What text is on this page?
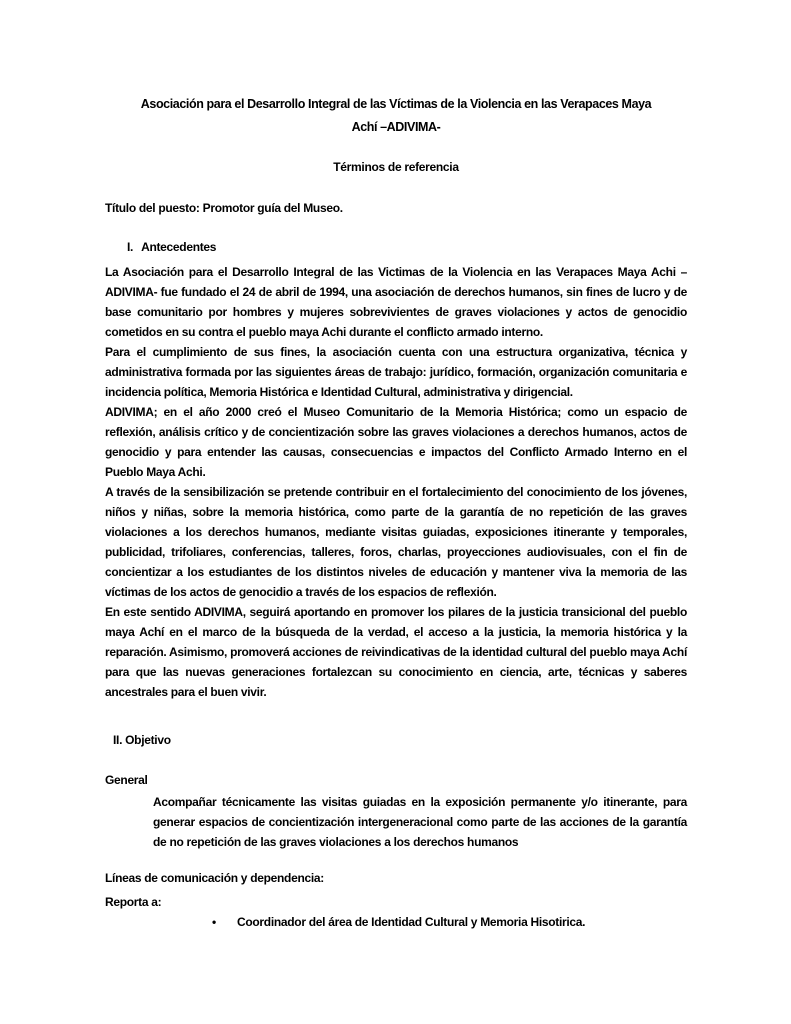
Asociación para el Desarrollo Integral de las Víctimas de la Violencia en las Verapaces Maya
Achí –ADIVIMA-
Términos de referencia
Título del puesto: Promotor guía del Museo.
I. Antecedentes

La Asociación para el Desarrollo Integral de las Victimas de la Violencia en las Verapaces Maya Achi – ADIVIMA- fue fundado el 24 de abril de 1994, una asociación de derechos humanos, sin fines de lucro y de base comunitario por hombres y mujeres sobrevivientes de graves violaciones y actos de genocidio cometidos en su contra el pueblo maya Achi durante el conflicto armado interno.

Para el cumplimiento de sus fines, la asociación cuenta con una estructura organizativa, técnica y administrativa formada por las siguientes áreas de trabajo: jurídico, formación, organización comunitaria e incidencia política, Memoria Histórica e Identidad Cultural, administrativa y dirigencial.

ADIVIMA; en el año 2000 creó el Museo Comunitario de la Memoria Histórica; como un espacio de reflexión, análisis crítico y de concientización sobre las graves violaciones a derechos humanos, actos de genocidio y para entender las causas, consecuencias e impactos del Conflicto Armado Interno en el Pueblo Maya Achi.

A través de la sensibilización se pretende contribuir en el fortalecimiento del conocimiento de los jóvenes, niños y niñas, sobre la memoria histórica, como parte de la garantía de no repetición de las graves violaciones a los derechos humanos, mediante visitas guiadas, exposiciones itinerante y temporales, publicidad, trifoliares, conferencias, talleres, foros, charlas, proyecciones audiovisuales, con el fin de concientizar a los estudiantes de los distintos niveles de educación y mantener viva la memoria de las víctimas de los actos de genocidio a través de los espacios de reflexión.

En este sentido ADIVIMA, seguirá aportando en promover los pilares de la justicia transicional del pueblo maya Achí en el marco de la búsqueda de la verdad, el acceso a la justicia, la memoria histórica y la reparación. Asimismo, promoverá acciones de reivindicativas de la identidad cultural del pueblo maya Achí para que las nuevas generaciones fortalezcan su conocimiento en ciencia, arte, técnicas y saberes ancestrales para el buen vivir.

II. Objetivo
General

Acompañar técnicamente las visitas guiadas en la exposición permanente y/o itinerante, para generar espacios de concientización intergeneracional como parte de las acciones de la garantía de no repetición de las graves violaciones a los derechos humanos

Líneas de comunicación y dependencia:
Reporta a:
• Coordinador del área de Identidad Cultural y Memoria Hisotirica.
